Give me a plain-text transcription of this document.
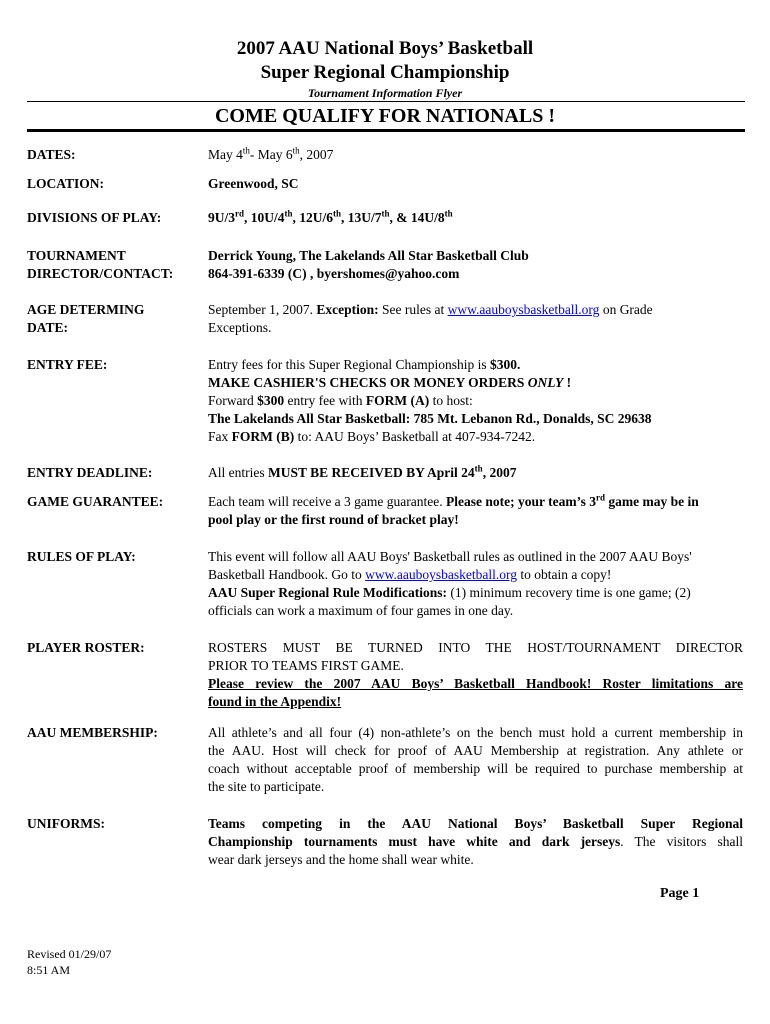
2007 AAU National Boys’ Basketball
Super Regional Championship
Tournament Information Flyer
COME QUALIFY FOR NATIONALS !
DATES:	May 4th- May 6th, 2007
LOCATION:	Greenwood, SC
DIVISIONS OF PLAY:	9U/3rd, 10U/4th, 12U/6th, 13U/7th, & 14U/8th
TOURNAMENT
DIRECTOR/CONTACT:
Derrick Young, The Lakelands All Star Basketball Club
864-391-6339 (C) , byershomes@yahoo.com
AGE DETERMING
DATE:
September 1, 2007. Exception: See rules at www.aauboysbasketball.org on Grade
Exceptions.
ENTRY FEE:	Entry fees for this Super Regional Championship is $300.
MAKE CASHIER'S CHECKS OR MONEY ORDERS ONLY !
Forward $300 entry fee with FORM (A) to host:
The Lakelands All Star Basketball: 785 Mt. Lebanon Rd., Donalds, SC 29638
Fax FORM (B) to: AAU Boys’ Basketball at 407-934-7242.
ENTRY DEADLINE:	All entries MUST BE RECEIVED BY April 24th, 2007
GAME GUARANTEE:	Each team will receive a 3 game guarantee. Please note; your team’s 3rd game may be in
pool play or the first round of bracket play!
RULES OF PLAY:	This event will follow all AAU Boys' Basketball rules as outlined in the 2007 AAU Boys'
Basketball Handbook. Go to www.aauboysbasketball.org to obtain a copy!
AAU Super Regional Rule Modifications: (1) minimum recovery time is one game; (2)
officials can work a maximum of four games in one day.
PLAYER ROSTER:	ROSTERS MUST BE TURNED INTO THE HOST/TOURNAMENT DIRECTOR
PRIOR TO TEAMS FIRST GAME.
Please review the 2007 AAU Boys’ Basketball Handbook! Roster limitations are
found in the Appendix!
AAU MEMBERSHIP:	All athlete’s and all four (4) non-athlete’s on the bench must hold a current membership in
the AAU. Host will check for proof of AAU Membership at registration. Any athlete or
coach without acceptable proof of membership will be required to purchase membership at
the site to participate.
UNIFORMS:	Teams competing in the AAU National Boys’ Basketball Super Regional
Championship tournaments must have white and dark jerseys. The visitors shall
wear dark jerseys and the home shall wear white.
Page 1
Revised 01/29/07
8:51 AM
